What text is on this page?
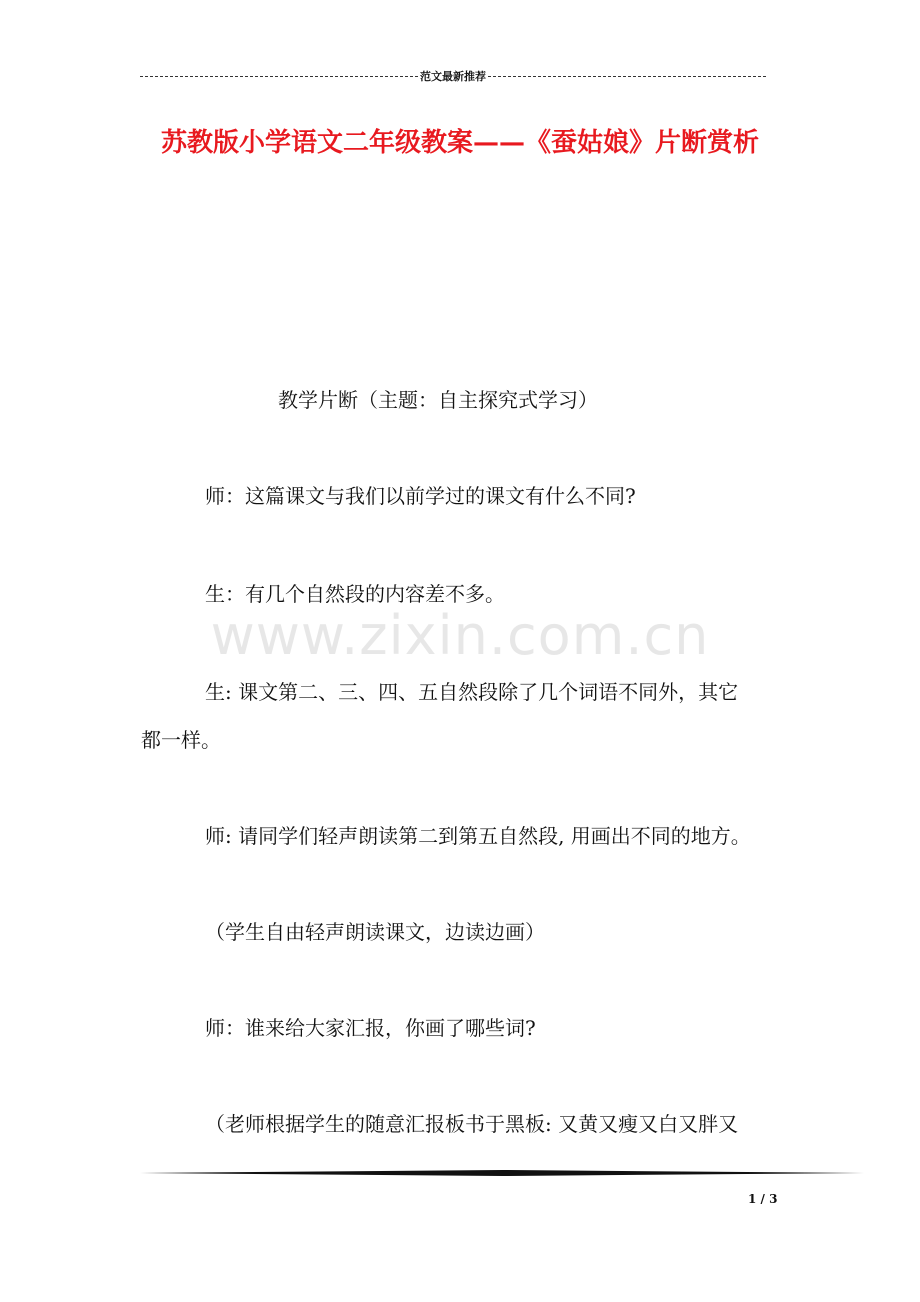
范文最新推荐
苏教版小学语文二年级教案——《蚕姑娘》片断赏析
教学片断（主题：自主探究式学习）
师：这篇课文与我们以前学过的课文有什么不同?
生：有几个自然段的内容差不多。
生: 课文第二、三、四、五自然段除了几个词语不同外，其它
都一样。
师: 请同学们轻声朗读第二到第五自然段, 用画出不同的地方。
（学生自由轻声朗读课文，边读边画）
师：谁来给大家汇报，你画了哪些词?
（老师根据学生的随意汇报板书于黑板: 又黄又瘦又白又胖又
www.zixin.com.cn
1 / 3
